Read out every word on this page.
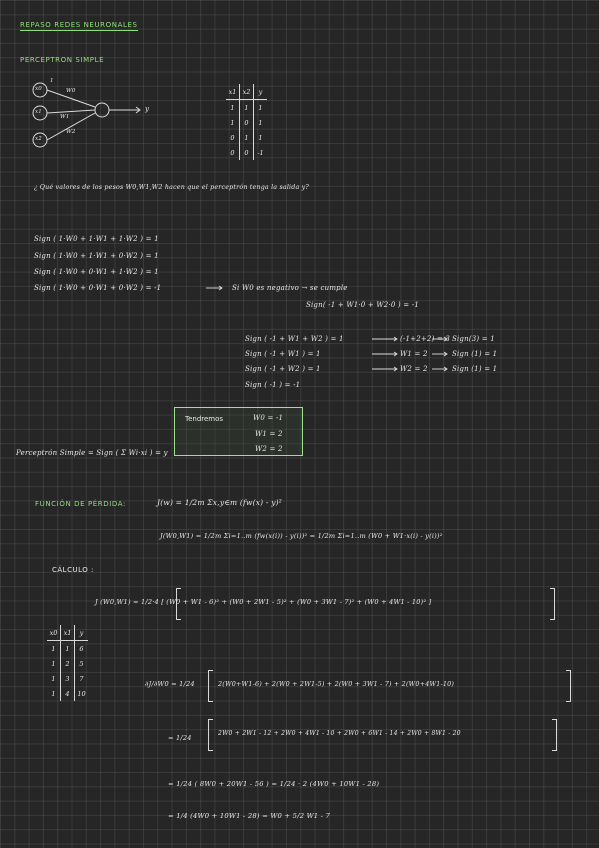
REPASO REDES NEURONALES
PERCEPTRON SIMPLE
x0
x1
x2
1
W0
W1
W2
y
x1	x2	y
1	1	1
1	0	1
0	1	1
0	0	-1
¿ Qué valores de los pesos W0,W1,W2 hacen que el perceptrón tenga la salida y?
Sign ( 1·W0 + 1·W1 + 1·W2 ) = 1
Sign ( 1·W0 + 1·W1 + 0·W2 ) = 1
Sign ( 1·W0 + 0·W1 + 1·W2 ) = 1
Sign ( 1·W0 + 0·W1 + 0·W2 ) = -1	Si W0 es negativo → se cumple
Sign( -1 + W1·0 + W2·0 ) = -1
Sign ( -1 + W1 + W2 ) = 1	(-1+2+2) = 3 Sign(3) = 1
Sign ( -1 + W1 ) = 1	W1 = 2	Sign (1) = 1
Sign ( -1 + W2 ) = 1	W2 = 2	Sign (1) = 1
Sign ( -1 ) = -1
Tendremos	W0 = -1
W1 = 2
W2 = 2
Perceptrón Simple = Sign ( Σ Wi·xi ) = y
FUNCIÓN DE PÉRDIDA:	J(w) = 1/2m Σx,y∈m (fw(x) - y)²
J(W0,W1) = 1/2m Σi=1..m (fw(x(i)) - y(i))² = 1/2m Σi=1..m (W0 + W1·x(i) - y(i))²
CÁLCULO :
x0	x1	y
1	1	6
1	2	5
1	3	7
1	4	10
J (W0,W1) = 1/2·4 [ (W0 + W1 - 6)² + (W0 + 2W1 - 5)² + (W0 + 3W1 - 7)² + (W0 + 4W1 - 10)² ]
∂J/∂W0 = 1/24	2(W0+W1-6) + 2(W0 + 2W1-5) + 2(W0 + 3W1 - 7) + 2(W0+4W1-10)
= 1/24
2W0 + 2W1 - 12 + 2W0 + 4W1 - 10 + 2W0 + 6W1 - 14 + 2W0 + 8W1 - 20
= 1/24 ( 8W0 + 20W1 - 56 ) = 1/24 · 2 (4W0 + 10W1 - 28)
= 1/4 (4W0 + 10W1 - 28) = W0 + 5/2 W1 - 7
